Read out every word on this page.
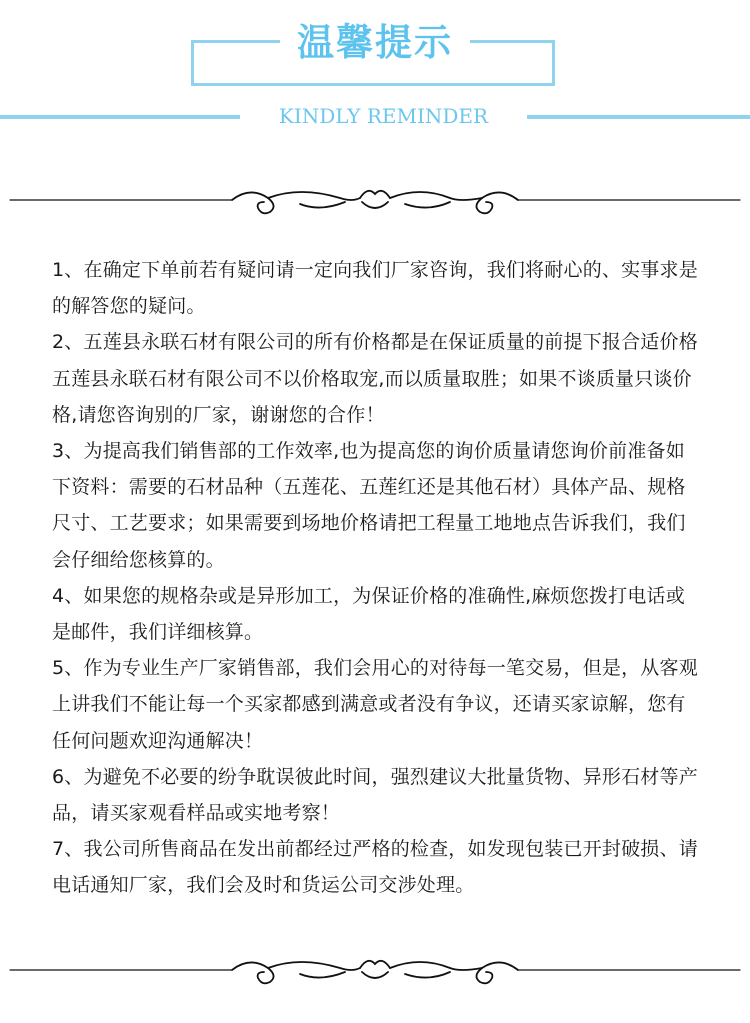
温馨提示
KINDLY REMINDER

1、在确定下单前若有疑问请一定向我们厂家咨询，我们将耐心的、实事求是的解答您的疑问。

2、五莲县永联石材有限公司的所有价格都是在保证质量的前提下报合适价格五莲县永联石材有限公司不以价格取宠,而以质量取胜；如果不谈质量只谈价格,请您咨询别的厂家，谢谢您的合作！

3、为提高我们销售部的工作效率,也为提高您的询价质量请您询价前准备如下资料：需要的石材品种（五莲花、五莲红还是其他石材）具体产品、规格尺寸、工艺要求；如果需要到场地价格请把工程量工地地点告诉我们，我们会仔细给您核算的。

4、如果您的规格杂或是异形加工，为保证价格的准确性,麻烦您拨打电话或是邮件，我们详细核算。

5、作为专业生产厂家销售部，我们会用心的对待每一笔交易，但是，从客观上讲我们不能让每一个买家都感到满意或者没有争议，还请买家谅解，您有任何问题欢迎沟通解决！

6、为避免不必要的纷争耽误彼此时间，强烈建议大批量货物、异形石材等产品，请买家观看样品或实地考察！

7、我公司所售商品在发出前都经过严格的检查，如发现包装已开封破损、请电话通知厂家，我们会及时和货运公司交涉处理。
